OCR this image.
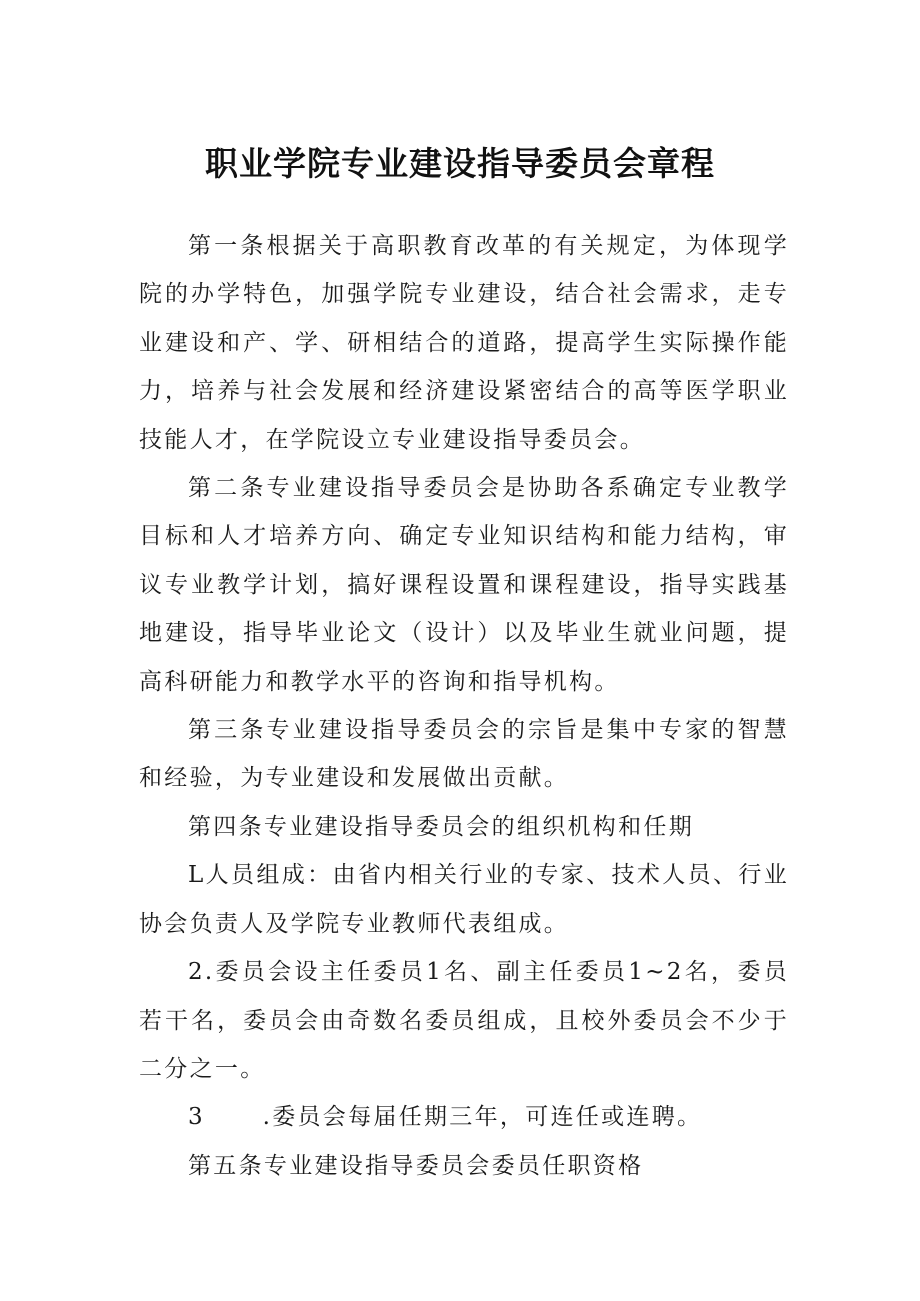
职业学院专业建设指导委员会章程

第一条根据关于高职教育改革的有关规定，为体现学院的办学特色，加强学院专业建设，结合社会需求，走专业建设和产、学、研相结合的道路，提高学生实际操作能力，培养与社会发展和经济建设紧密结合的高等医学职业技能人才，在学院设立专业建设指导委员会。

第二条专业建设指导委员会是协助各系确定专业教学目标和人才培养方向、确定专业知识结构和能力结构，审议专业教学计划，搞好课程设置和课程建设，指导实践基地建设，指导毕业论文（设计）以及毕业生就业问题，提高科研能力和教学水平的咨询和指导机构。

第三条专业建设指导委员会的宗旨是集中专家的智慧和经验，为专业建设和发展做出贡献。

第四条专业建设指导委员会的组织机构和任期

L人员组成：由省内相关行业的专家、技术人员、行业协会负责人及学院专业教师代表组成。

2.委员会设主任委员1名、副主任委员1~2名，委员若干名，委员会由奇数名委员组成，且校外委员会不少于二分之一。

3      .委员会每届任期三年，可连任或连聘。

第五条专业建设指导委员会委员任职资格
